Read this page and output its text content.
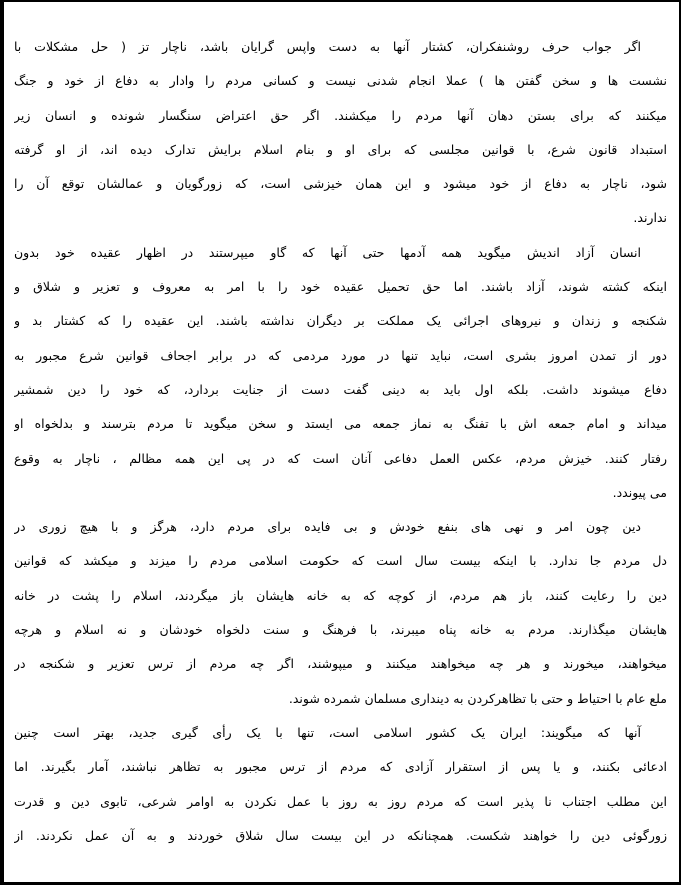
اگر جواب حرف روشنفکران، کشتار آنها به دست واپس گرایان باشد، ناچار تز ( حل مشکلات با
نشست ها و سخن گفتن ها ) عملا انجام شدنی نیست و کسانی مردم را وادار به دفاع از خود و جنگ
میکنند که برای بستن دهان آنها مردم را میکشند. اگر حق اعتراض سنگسار شونده و انسان زیر
استبداد قانون شرع، با قوانین مجلسی که برای او و بنام اسلام برایش تدارک دیده اند، از او گرفته
شود، ناچار به دفاع از خود میشود و این همان خیزشی است، که زورگویان و عمالشان توقع آن را
ندارند.
انسان آزاد اندیش میگوید همه آدمها حتی آنها که گاو میپرستند در اظهار عقیده خود بدون
اینکه کشته شوند، آزاد باشند. اما حق تحمیل عقیده خود را با امر به معروف و تعزیر و شلاق و
شکنجه و زندان و نیروهای اجرائی یک مملکت بر دیگران نداشته باشند. این عقیده را که کشتار بد و
دور از تمدن امروز بشری است، نباید تنها در مورد مردمی که در برابر اجحاف قوانین شرع مجبور به
دفاع میشوند داشت. بلکه اول باید به دینی گفت دست از جنایت بردارد، که خود را دین شمشیر
میداند و امام جمعه اش با تفنگ به نماز جمعه می ایستد و سخن میگوید تا مردم بترسند و بدلخواه او
رفتار کنند. خیزش مردم، عکس العمل دفاعی آنان است که در پی این همه مظالم ، ناچار به وقوع
می پیوندد.
دین چون امر و نهی های بنفع خودش و بی فایده برای مردم دارد، هرگز و با هیچ زوری در
دل مردم جا ندارد. با اینکه بیست سال است که حکومت اسلامی مردم را میزند و میکشد که قوانین
دین را رعایت کنند، باز هم مردم، از کوچه که به خانه هایشان باز میگردند، اسلام را پشت در خانه
هایشان میگذارند. مردم به خانه پناه میبرند، با فرهنگ و سنت دلخواه خودشان و نه اسلام و هرچه
میخواهند، میخورند و هر چه میخواهند میکنند و میپوشند، اگر چه مردم از ترس تعزیر و شکنجه در
ملع عام با احتیاط و حتی با تظاهرکردن به دینداری مسلمان شمرده شوند.
آنها که میگویند: ایران یک کشور اسلامی است، تنها با یک رأی گیری جدید، بهتر است چنین
ادعائی بکنند، و یا پس از استقرار آزادی که مردم از ترس مجبور به تظاهر نباشند، آمار بگیرند. اما
این مطلب اجتناب نا پذیر است که مردم روز به روز با عمل نکردن به اوامر شرعی، تابوی دین و قدرت
زورگوئی دین را خواهند شکست. همچنانکه در این بیست سال شلاق خوردند و به آن عمل نکردند. از
